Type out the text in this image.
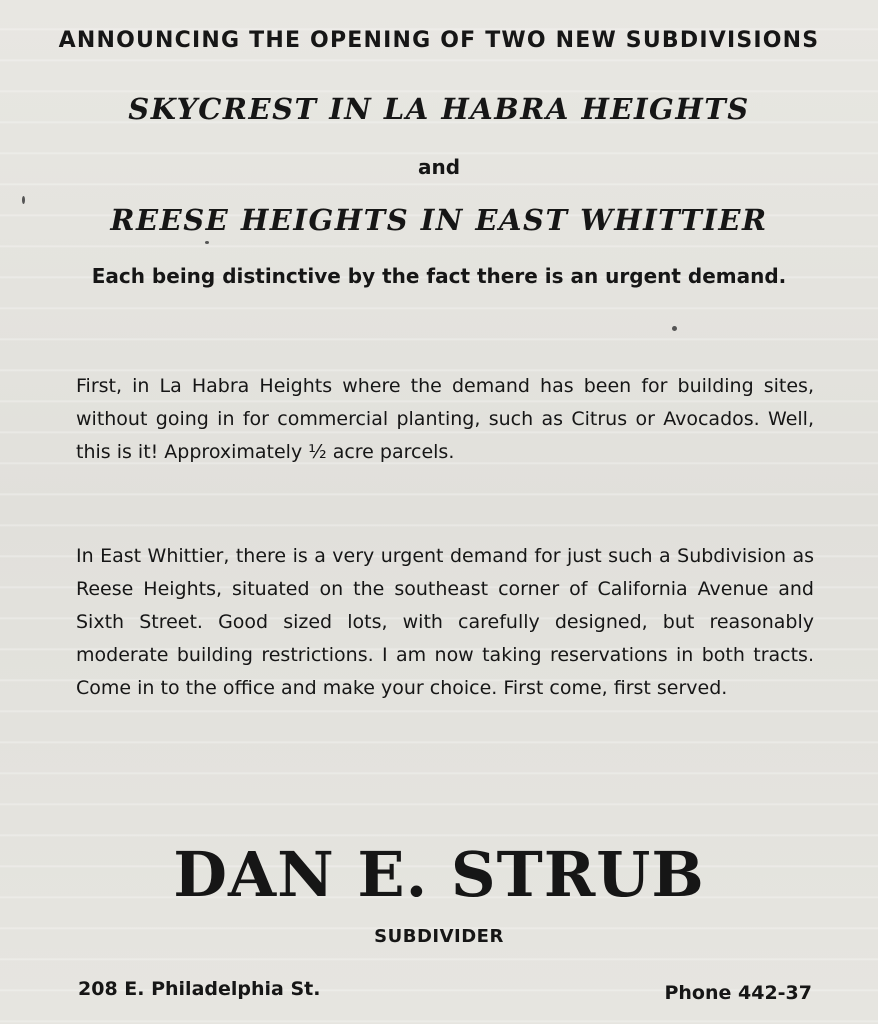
ANNOUNCING THE OPENING OF TWO NEW SUBDIVISIONS

SKYCREST IN LA HABRA HEIGHTS

and

REESE HEIGHTS IN EAST WHITTIER

Each being distinctive by the fact there is an urgent demand.

First, in La Habra Heights where the demand has been for building sites, without going in for commercial planting, such as Citrus or Avocados. Well, this is it! Approximately ½ acre parcels.

In East Whittier, there is a very urgent demand for just such a Subdivision as Reese Heights, situated on the southeast corner of California Avenue and Sixth Street. Good sized lots, with carefully designed, but reasonably moderate building restrictions. I am now taking reservations in both tracts. Come in to the office and make your choice. First come, first served.

DAN E. STRUB

SUBDIVIDER

208 E. Philadelphia St.	Phone 442-37
